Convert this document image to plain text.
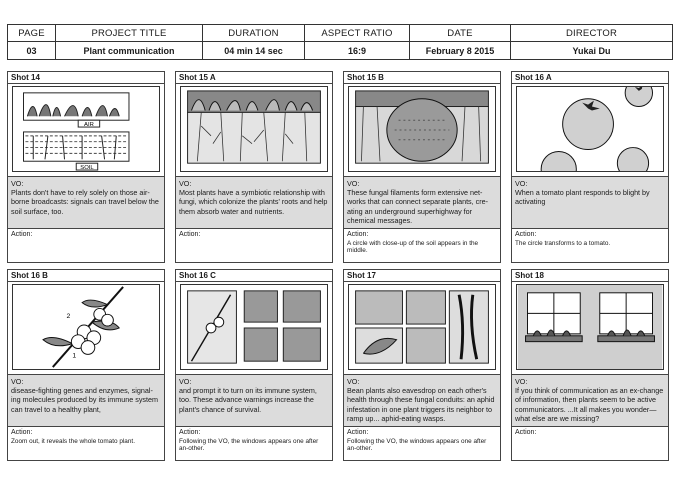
PAGE	PROJECT TITLE	DURATION	ASPECT RATIO	DATE	DIRECTOR
03	Plant communication	04 min 14 sec	16:9	February 8 2015	Yukai Du
Shot 14
AIR
SOIL
VO:
Plants don't have to rely solely on those air-borne broadcasts: signals can travel below the soil surface, too.
Action:
Shot 15 A
VO:
Most plants have a symbiotic relationship with fungi, which colonize the plants' roots and help them absorb water and nutrients.
Action:
Shot 15 B
VO:
These fungal filaments form extensive net-works that can connect separate plants, cre-ating an underground superhighway for chemical messages.
Action:
A circle with close-up of the soil appears in the middle.
Shot 16 A
VO:
When a tomato plant responds to blight by activating
Action:
The circle transforms to a tomato.
Shot 16 B
2
1
VO:
disease-fighting genes and enzymes, signal-ing molecules produced by its immune system can travel to a healthy plant,
Action:
Zoom out, it reveals the whole tomato plant.
Shot 16 C
VO:
and prompt it to turn on its immune system, too. These advance warnings increase the plant's chance of survival.
Action:
Following the VO, the windows appears one after an-other.
Shot 17
VO:
Bean plants also eavesdrop on each other's health through these fungal conduits: an aphid infestation in one plant triggers its neighbor to ramp up... aphid-eating wasps.
Action:
Following the VO, the windows appears one after an-other.
Shot 18
VO:
If you think of communication as an ex-change of information, then plants seem to be active communicators. ...It all makes you wonder—what else are we missing?
Action:
